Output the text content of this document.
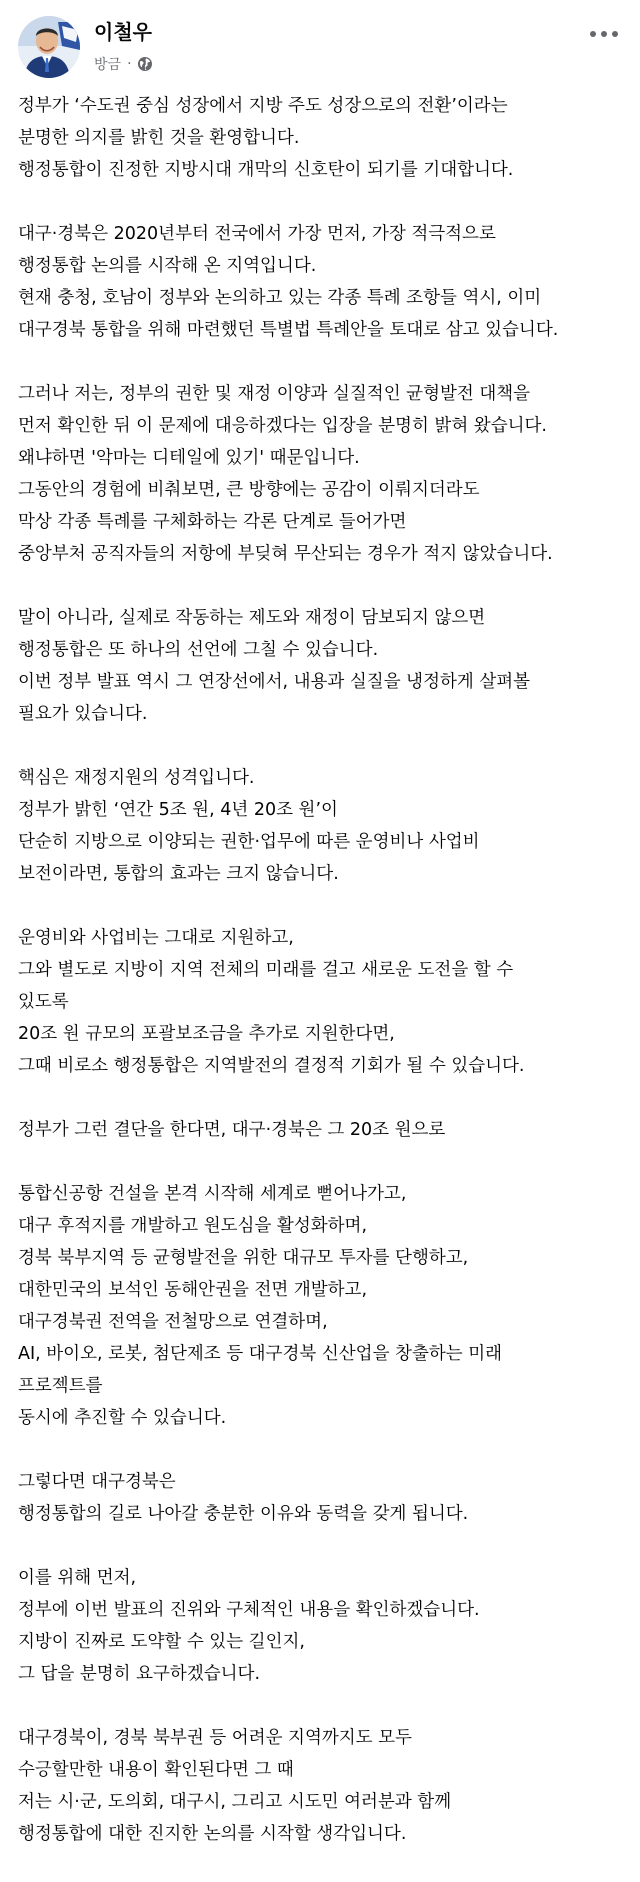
이철우
방금 ·
정부가 ‘수도권 중심 성장에서 지방 주도 성장으로의 전환’이라는
분명한 의지를 밝힌 것을 환영합니다.
행정통합이 진정한 지방시대 개막의 신호탄이 되기를 기대합니다.
대구·경북은 2020년부터 전국에서 가장 먼저, 가장 적극적으로
행정통합 논의를 시작해 온 지역입니다.
현재 충청, 호남이 정부와 논의하고 있는 각종 특례 조항들 역시, 이미
대구경북 통합을 위해 마련했던 특별법 특례안을 토대로 삼고 있습니다.
그러나 저는, 정부의 권한 및 재정 이양과 실질적인 균형발전 대책을
먼저 확인한 뒤 이 문제에 대응하겠다는 입장을 분명히 밝혀 왔습니다.
왜냐하면 '악마는 디테일에 있기' 때문입니다.
그동안의 경험에 비춰보면, 큰 방향에는 공감이 이뤄지더라도
막상 각종 특례를 구체화하는 각론 단계로 들어가면
중앙부처 공직자들의 저항에 부딪혀 무산되는 경우가 적지 않았습니다.
말이 아니라, 실제로 작동하는 제도와 재정이 담보되지 않으면
행정통합은 또 하나의 선언에 그칠 수 있습니다.
이번 정부 발표 역시 그 연장선에서, 내용과 실질을 냉정하게 살펴볼
필요가 있습니다.
핵심은 재정지원의 성격입니다.
정부가 밝힌 ‘연간 5조 원, 4년 20조 원’이
단순히 지방으로 이양되는 권한·업무에 따른 운영비나 사업비
보전이라면, 통합의 효과는 크지 않습니다.
운영비와 사업비는 그대로 지원하고,
그와 별도로 지방이 지역 전체의 미래를 걸고 새로운 도전을 할 수
있도록
20조 원 규모의 포괄보조금을 추가로 지원한다면,
그때 비로소 행정통합은 지역발전의 결정적 기회가 될 수 있습니다.
정부가 그런 결단을 한다면, 대구·경북은 그 20조 원으로
통합신공항 건설을 본격 시작해 세계로 뻗어나가고,
대구 후적지를 개발하고 원도심을 활성화하며,
경북 북부지역 등 균형발전을 위한 대규모 투자를 단행하고,
대한민국의 보석인 동해안권을 전면 개발하고,
대구경북권 전역을 전철망으로 연결하며,
AI, 바이오, 로봇, 첨단제조 등 대구경북 신산업을 창출하는 미래
프로젝트를
동시에 추진할 수 있습니다.
그렇다면 대구경북은
행정통합의 길로 나아갈 충분한 이유와 동력을 갖게 됩니다.
이를 위해 먼저,
정부에 이번 발표의 진위와 구체적인 내용을 확인하겠습니다.
지방이 진짜로 도약할 수 있는 길인지,
그 답을 분명히 요구하겠습니다.
대구경북이, 경북 북부권 등 어려운 지역까지도 모두
수긍할만한 내용이 확인된다면 그 때
저는 시·군, 도의회, 대구시, 그리고 시도민 여러분과 함께
행정통합에 대한 진지한 논의를 시작할 생각입니다.
